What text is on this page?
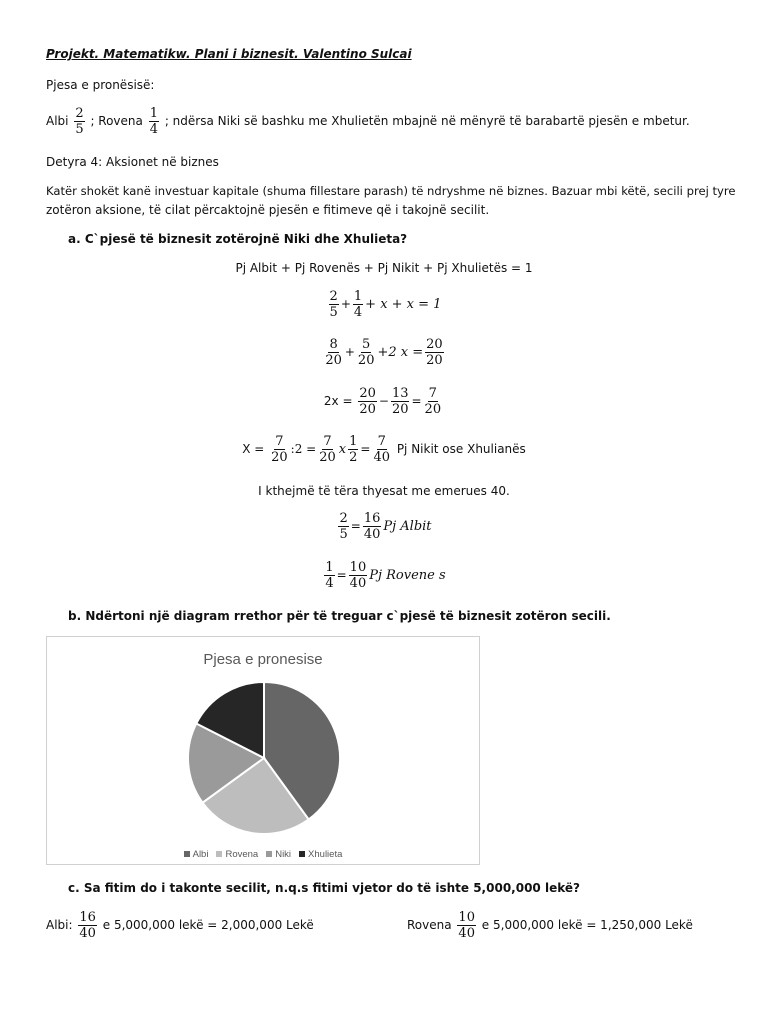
Projekt. Matematikw. Plani i biznesit. Valentino Sulcai
Pjesa e pronësisë:
Albi $\frac{2}{5}$ ; Rovena $\frac{1}{4}$ ; ndërsa Niki së bashku me Xhulietën mbajnë në mënyrë të barabartë pjesën e mbetur.
Detyra 4: Aksionet në biznes
Katër shokët kanë investuar kapitale (shuma fillestare parash) të ndryshme në biznes. Bazuar mbi këtë, secili prej tyre
zotëron aksione, të cilat përcaktojnë pjesën e fitimeve që i takojnë secilit.
a. C`pjesë të biznesit zotërojnë Niki dhe Xhulieta?
Pj Albit + Pj Rovenës + Pj Nikit + Pj Xhulietës = 1
$\frac{2}{5} + \frac{1}{4} + x + x = 1$
$\frac{8}{20} + \frac{5}{20} +2$ $x = \frac{20}{20}$
$2x = \frac{20}{20} - \frac{13}{20} = \frac{7}{20}$
$X = \frac{7}{20}$ :2 = $\frac{7}{20}$ x $\frac{1}{2} = \frac{7}{40}$ Pj Nikit ose Xhulianës
I kthejmë të tëra thyesat me emerues 40.
$\frac{2}{5} = \frac{16}{40}$ Pj Albit
$\frac{1}{4} = \frac{10}{40}$ Pj Rovene s
b. Ndërtoni një diagram rrethor për të treguar c`pjesë të biznesit zotëron secili.
Pjesa e pronesise
Albi Rovena Niki Xhulieta
c. Sa fitim do i takonte secilit, n.q.s fitimi vjetor do të ishte 5,000,000 lekë?
Albi: $\frac{16}{40}$ e 5,000,000 lekë = 2,000,000 Lekë	Rovena $\frac{10}{40}$ e 5,000,000 lekë = 1,250,000 Lekë
